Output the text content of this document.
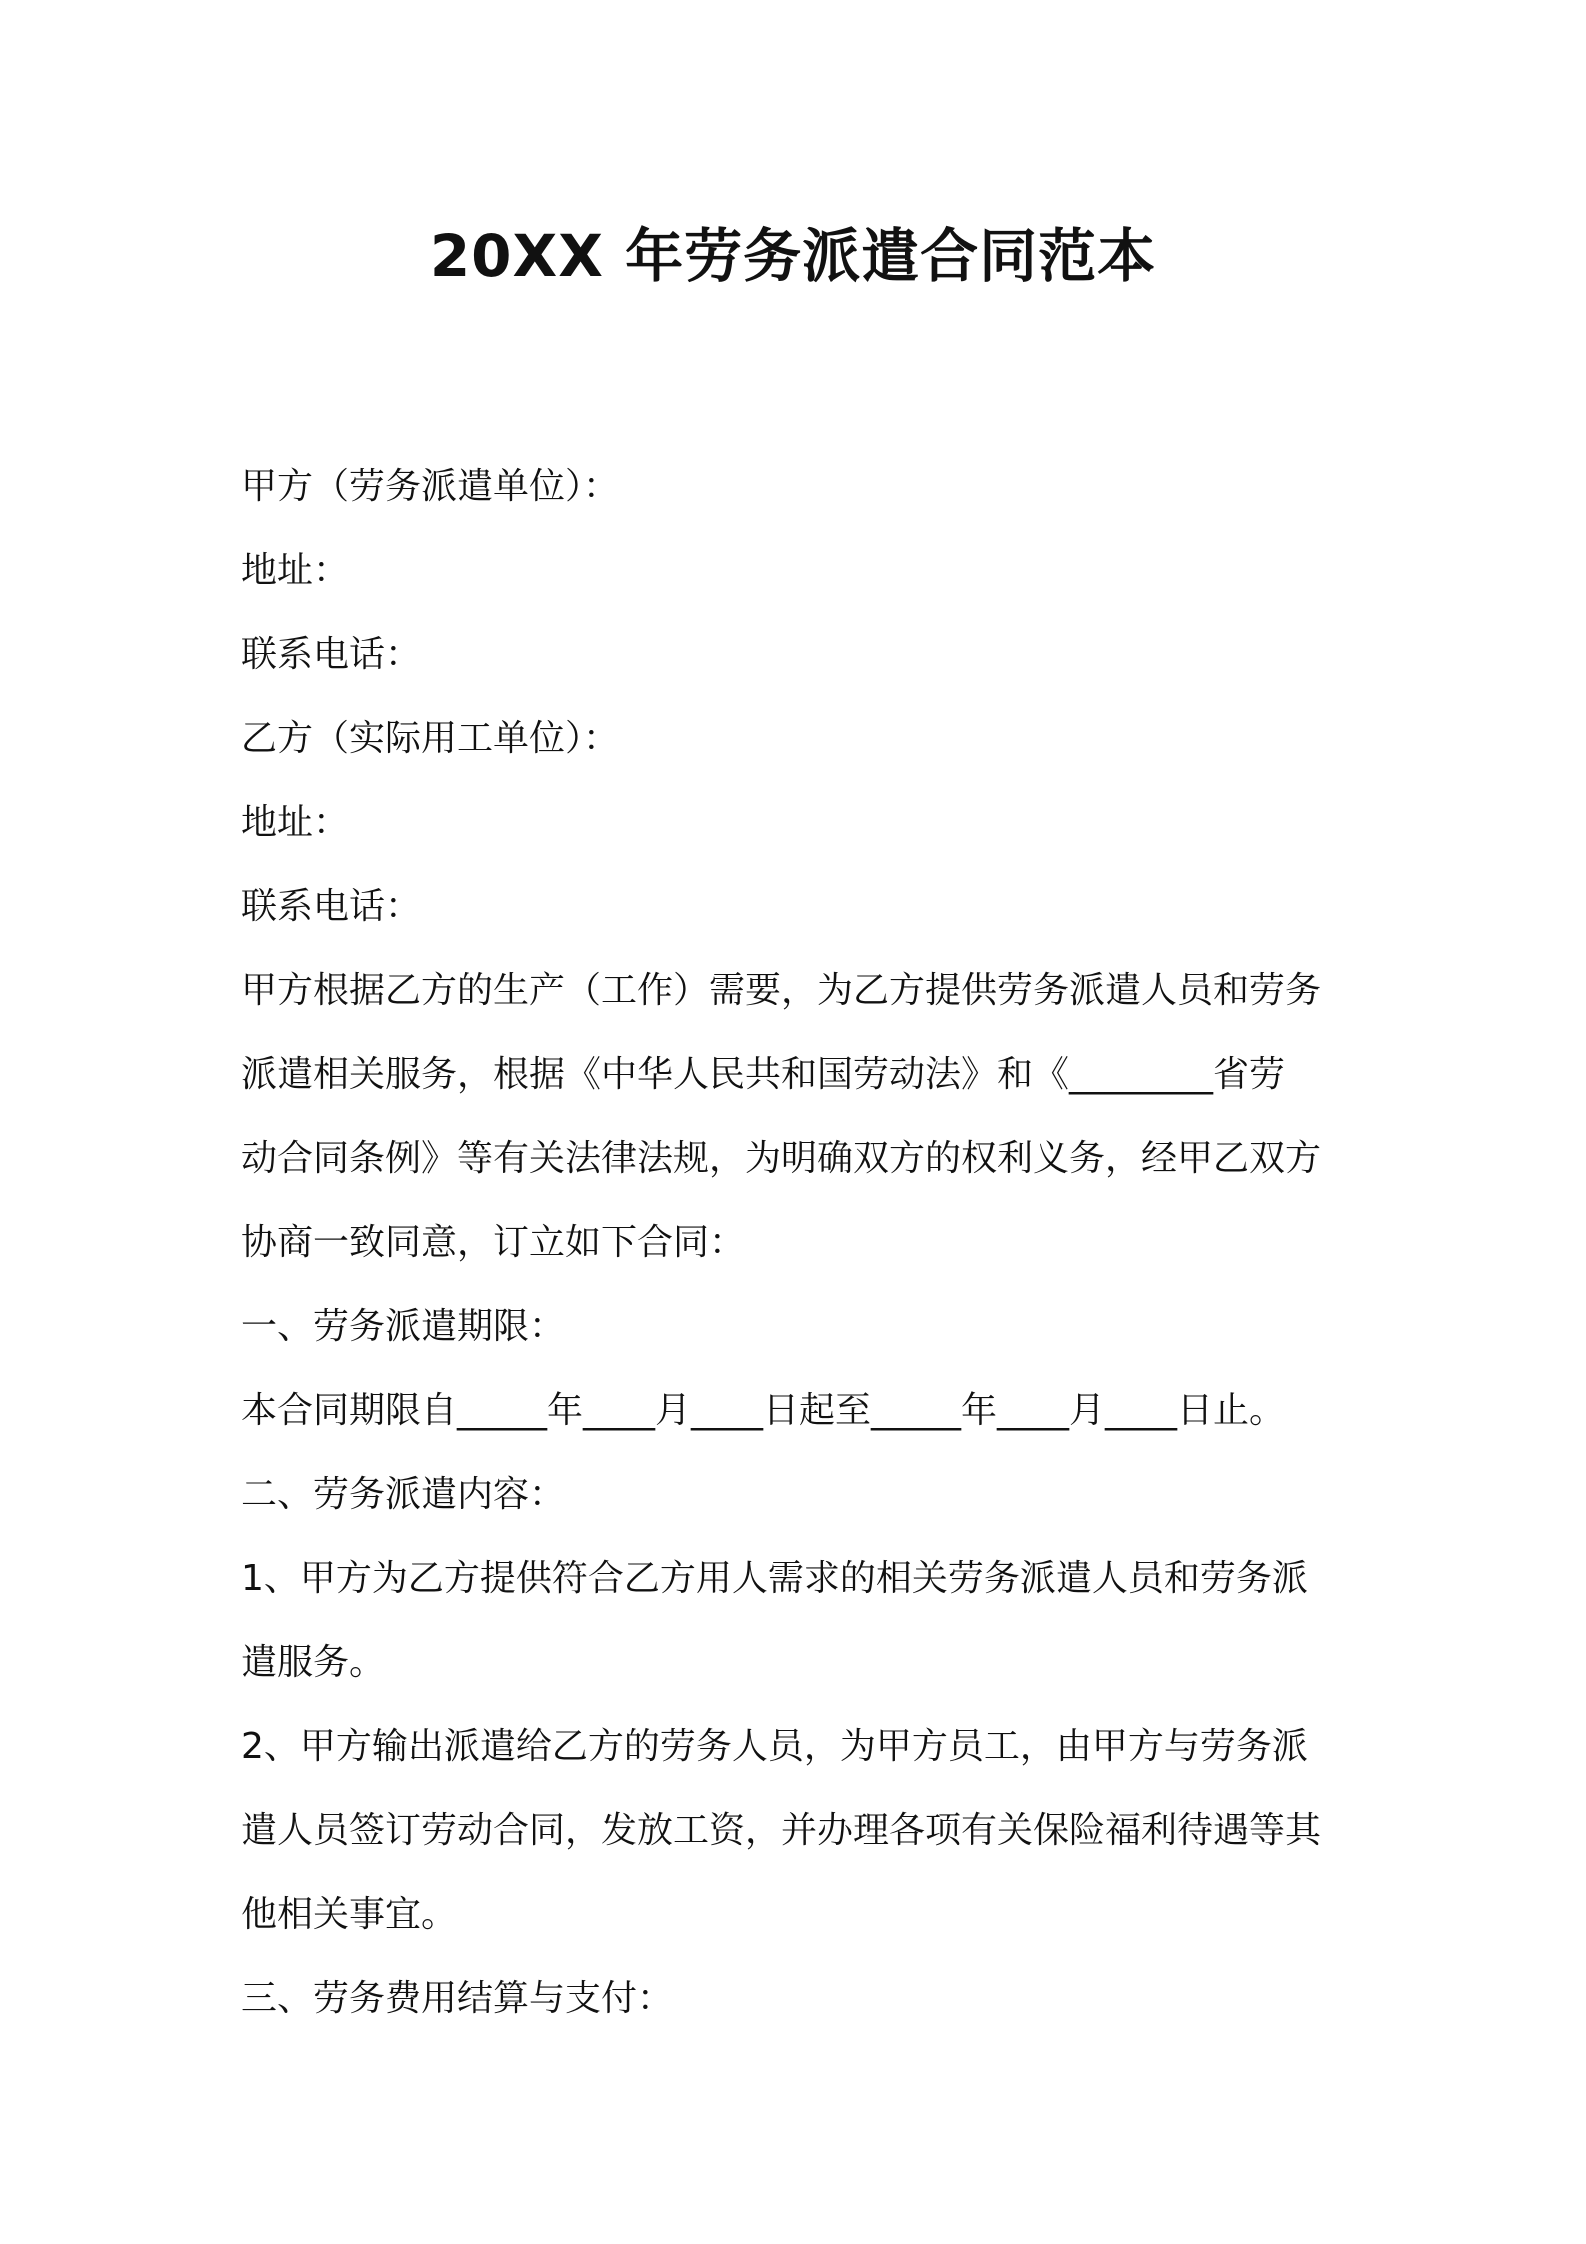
20XX 年劳务派遣合同范本
甲方（劳务派遣单位）：
地址：
联系电话：
乙方（实际用工单位）：
地址：
联系电话：
甲方根据乙方的生产（工作）需要，为乙方提供劳务派遣人员和劳务
派遣相关服务，根据《中华人民共和国劳动法》和《________省劳
动合同条例》等有关法律法规，为明确双方的权利义务，经甲乙双方
协商一致同意，订立如下合同：
一、劳务派遣期限：
本合同期限自_____年____月____日起至_____年____月____日止。
二、劳务派遣内容：
1、甲方为乙方提供符合乙方用人需求的相关劳务派遣人员和劳务派
遣服务。
2、甲方输出派遣给乙方的劳务人员，为甲方员工，由甲方与劳务派
遣人员签订劳动合同，发放工资，并办理各项有关保险福利待遇等其
他相关事宜。
三、劳务费用结算与支付：
